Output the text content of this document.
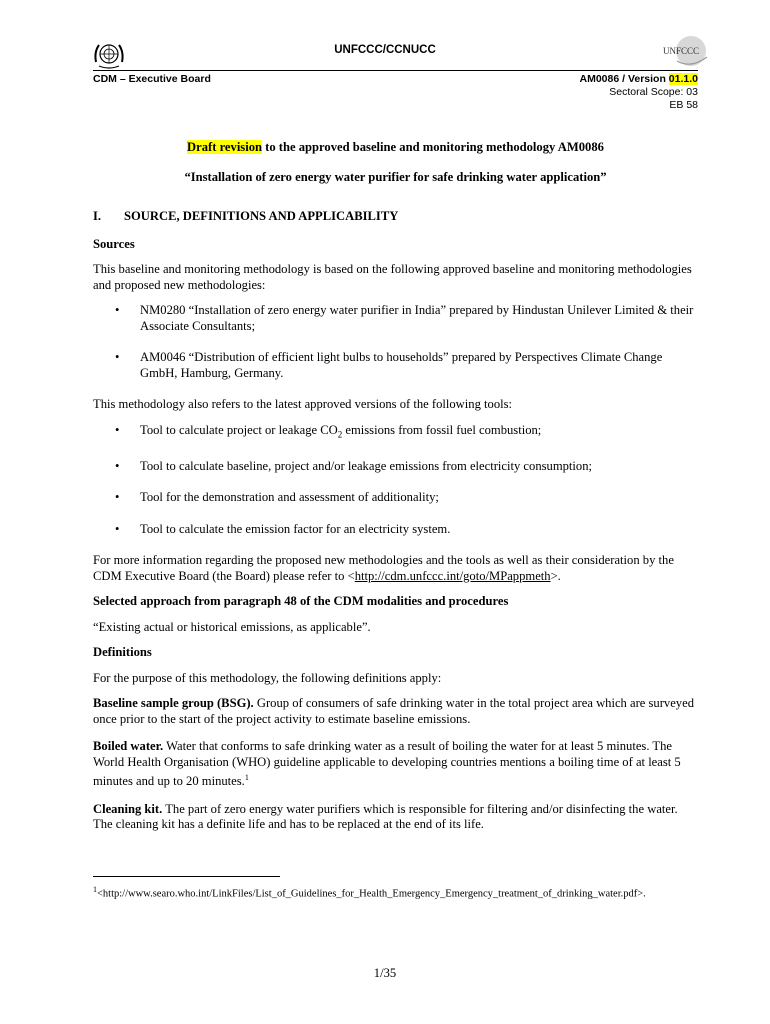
UNFCCC/CCNUCC	UNFCCC
CDM – Executive Board	AM0086 / Version 01.1.0
Sectoral Scope: 03
EB 58
Draft revision to the approved baseline and monitoring methodology AM0086
“Installation of zero energy water purifier for safe drinking water application”
I.	SOURCE, DEFINITIONS AND APPLICABILITY
Sources

This baseline and monitoring methodology is based on the following approved baseline and monitoring methodologies and proposed new methodologies:

• NM0280 “Installation of zero energy water purifier in India” prepared by Hindustan Unilever Limited & their Associate Consultants;
• AM0046 “Distribution of efficient light bulbs to households” prepared by Perspectives Climate Change GmbH, Hamburg, Germany.

This methodology also refers to the latest approved versions of the following tools:

• Tool to calculate project or leakage $CO_2$ emissions from fossil fuel combustion;
• Tool to calculate baseline, project and/or leakage emissions from electricity consumption;
• Tool for the demonstration and assessment of additionality;
• Tool to calculate the emission factor for an electricity system.

For more information regarding the proposed new methodologies and the tools as well as their consideration by the CDM Executive Board (the Board) please refer to <http://cdm.unfccc.int/goto/MPappmeth>.

Selected approach from paragraph 48 of the CDM modalities and procedures

“Existing actual or historical emissions, as applicable”.

Definitions

For the purpose of this methodology, the following definitions apply:

Baseline sample group (BSG). Group of consumers of safe drinking water in the total project area which are surveyed once prior to the start of the project activity to estimate baseline emissions.

Boiled water. Water that conforms to safe drinking water as a result of boiling the water for at least 5 minutes. The World Health Organisation (WHO) guideline applicable to developing countries mentions a boiling time of at least 5 minutes and up to 20 minutes.$^1$

Cleaning kit. The part of zero energy water purifiers which is responsible for filtering and/or disinfecting the water. The cleaning kit has a definite life and has to be replaced at the end of its life.

$^1$<http://www.searo.who.int/LinkFiles/List_of_Guidelines_for_Health_Emergency_Emergency_treatment_of_drinking_water.pdf>.
1/35
